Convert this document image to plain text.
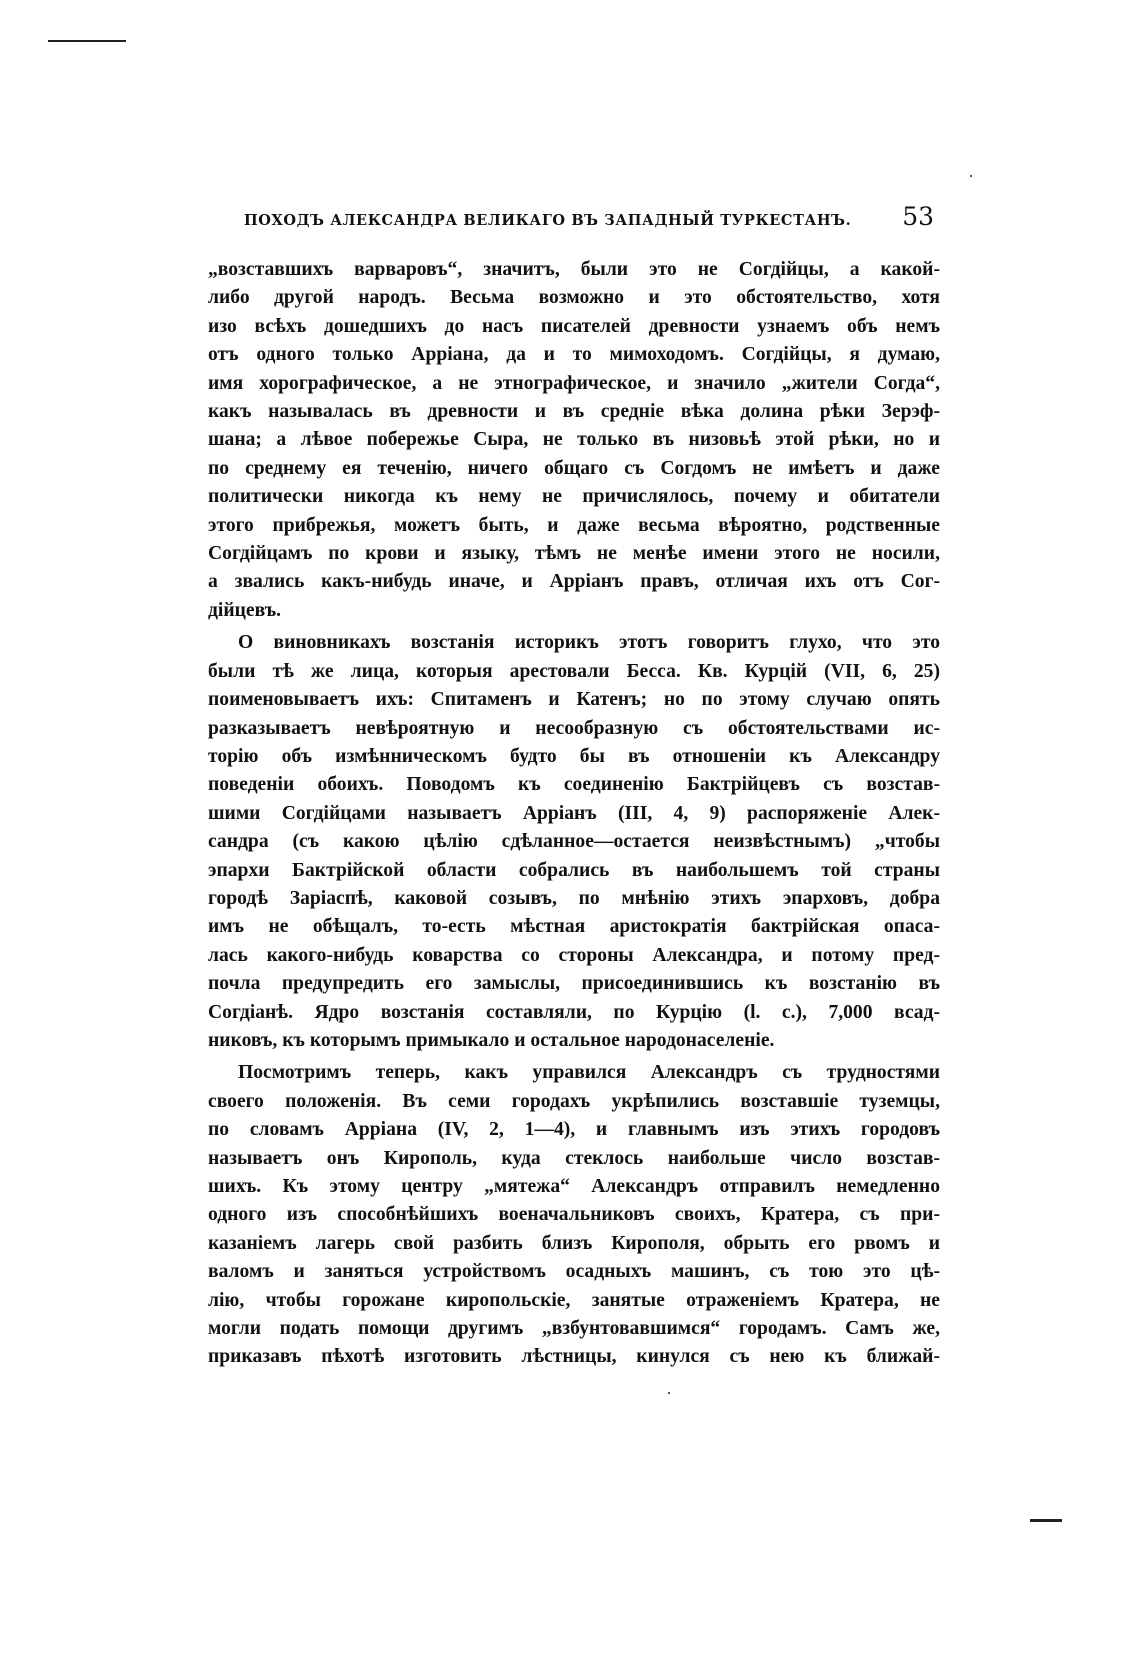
ПОХОДЪ АЛЕКСАНДРА ВЕЛИКАГО ВЪ ЗАПАДНЫЙ ТУРКЕСТАНЪ. 53

„возставшихъ варваровъ“, значитъ, были это не Согдійцы, а какой-
либо другой народъ. Весьма возможно и это обстоятельство, хотя
изо всѣхъ дошедшихъ до насъ писателей древности узнаемъ объ немъ
отъ одного только Арріана, да и то мимоходомъ. Согдійцы, я думаю,
имя хорографическое, а не этнографическое, и значило „жители Согда“,
какъ называлась въ древности и въ средніе вѣка долина рѣки Зерэф-
шана; а лѣвое побережье Сыра, не только въ низовьѣ этой рѣки, но и
по среднему ея теченію, ничего общаго съ Согдомъ не имѣетъ и даже
политически никогда къ нему не причислялось, почему и обитатели
этого прибрежья, можетъ быть, и даже весьма вѣроятно, родственные
Согдійцамъ по крови и языку, тѣмъ не менѣе имени этого не носили,
а звались какъ-нибудь иначе, и Арріанъ правъ, отличая ихъ отъ Сог-
дійцевъ.

О виновникахъ возстанія историкъ этотъ говоритъ глухо, что это
были тѣ же лица, которыя арестовали Бесса. Кв. Курцій (VII, 6, 25)
поименовываетъ ихъ: Спитаменъ и Катенъ; но по этому случаю опять
разказываетъ невѣроятную и несообразную съ обстоятельствами ис-
торію объ измѣнническомъ будто бы въ отношеніи къ Александру
поведеніи обоихъ. Поводомъ къ соединенію Бактрійцевъ съ возстав-
шими Согдійцами называетъ Арріанъ (III, 4, 9) распоряженіе Алек-
сандра (съ какою цѣлію сдѣланное—остается неизвѣстнымъ) „чтобы
эпархи Бактрійской области собрались въ наибольшемъ той страны
городѣ Заріаспѣ, каковой созывъ, по мнѣнію этихъ эпарховъ, добра
имъ не обѣщалъ, то-есть мѣстная аристократія бактрійская опаса-
лась какого-нибудь коварства со стороны Александра, и потому пред-
почла предупредить его замыслы, присоединившись къ возстанію въ
Согдіанѣ. Ядро возстанія составляли, по Курцію (l. c.), 7,000 всад-
никовъ, къ которымъ примыкало и остальное народонаселеніе.

Посмотримъ теперь, какъ управился Александръ съ трудностями
своего положенія. Въ семи городахъ укрѣпились возставшіе туземцы,
по словамъ Арріана (IV, 2, 1—4), и главнымъ изъ этихъ городовъ
называетъ онъ Кирополь, куда стеклось наибольше число возстав-
шихъ. Къ этому центру „мятежа“ Александръ отправилъ немедленно
одного изъ способнѣйшихъ военачальниковъ своихъ, Кратера, съ при-
казаніемъ лагерь свой разбить близъ Кирополя, обрыть его рвомъ и
валомъ и заняться устройствомъ осадныхъ машинъ, съ тою это цѣ-
лію, чтобы горожане киропольскіе, занятые отраженіемъ Кратера, не
могли подать помощи другимъ „взбунтовавшимся“ городамъ. Самъ же,
приказавъ пѣхотѣ изготовить лѣстницы, кинулся съ нею къ ближай-
